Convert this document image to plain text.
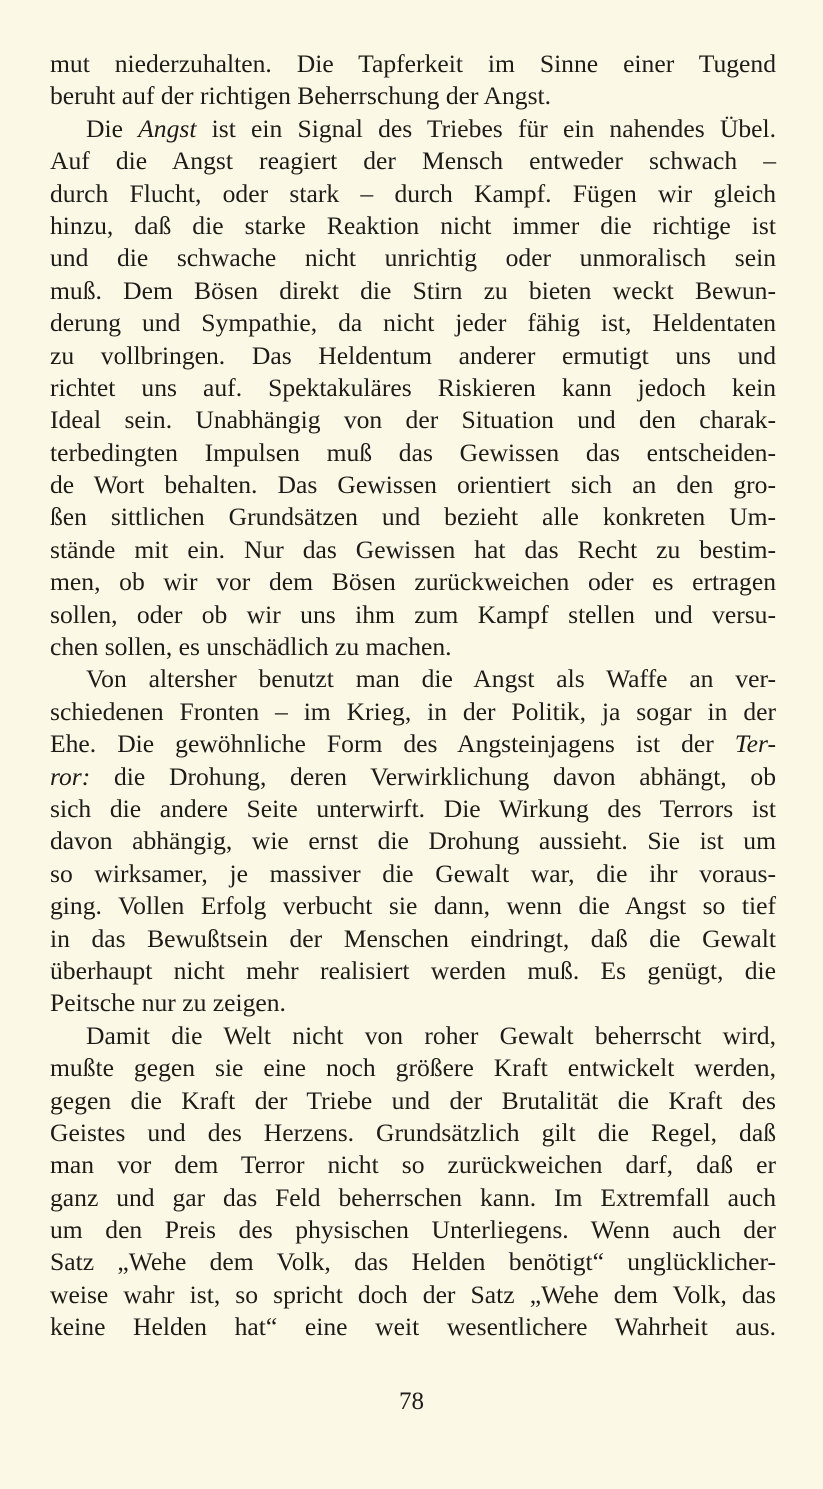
mut niederzuhalten. Die Tapferkeit im Sinne einer Tugend
beruht auf der richtigen Beherrschung der Angst.
Die Angst ist ein Signal des Triebes für ein nahendes Übel.
Auf die Angst reagiert der Mensch entweder schwach –
durch Flucht, oder stark – durch Kampf. Fügen wir gleich
hinzu, daß die starke Reaktion nicht immer die richtige ist
und die schwache nicht unrichtig oder unmoralisch sein
muß. Dem Bösen direkt die Stirn zu bieten weckt Bewun-
derung und Sympathie, da nicht jeder fähig ist, Heldentaten
zu vollbringen. Das Heldentum anderer ermutigt uns und
richtet uns auf. Spektakuläres Riskieren kann jedoch kein
Ideal sein. Unabhängig von der Situation und den charak-
terbedingten Impulsen muß das Gewissen das entscheiden-
de Wort behalten. Das Gewissen orientiert sich an den gro-
ßen sittlichen Grundsätzen und bezieht alle konkreten Um-
stände mit ein. Nur das Gewissen hat das Recht zu bestim-
men, ob wir vor dem Bösen zurückweichen oder es ertragen
sollen, oder ob wir uns ihm zum Kampf stellen und versu-
chen sollen, es unschädlich zu machen.
Von altersher benutzt man die Angst als Waffe an ver-
schiedenen Fronten – im Krieg, in der Politik, ja sogar in der
Ehe. Die gewöhnliche Form des Angsteinjagens ist der Ter-
ror: die Drohung, deren Verwirklichung davon abhängt, ob
sich die andere Seite unterwirft. Die Wirkung des Terrors ist
davon abhängig, wie ernst die Drohung aussieht. Sie ist um
so wirksamer, je massiver die Gewalt war, die ihr voraus-
ging. Vollen Erfolg verbucht sie dann, wenn die Angst so tief
in das Bewußtsein der Menschen eindringt, daß die Gewalt
überhaupt nicht mehr realisiert werden muß. Es genügt, die
Peitsche nur zu zeigen.
Damit die Welt nicht von roher Gewalt beherrscht wird,
mußte gegen sie eine noch größere Kraft entwickelt werden,
gegen die Kraft der Triebe und der Brutalität die Kraft des
Geistes und des Herzens. Grundsätzlich gilt die Regel, daß
man vor dem Terror nicht so zurückweichen darf, daß er
ganz und gar das Feld beherrschen kann. Im Extremfall auch
um den Preis des physischen Unterliegens. Wenn auch der
Satz „Wehe dem Volk, das Helden benötigt“ unglücklicher-
weise wahr ist, so spricht doch der Satz „Wehe dem Volk, das
keine Helden hat“ eine weit wesentlichere Wahrheit aus.
78
